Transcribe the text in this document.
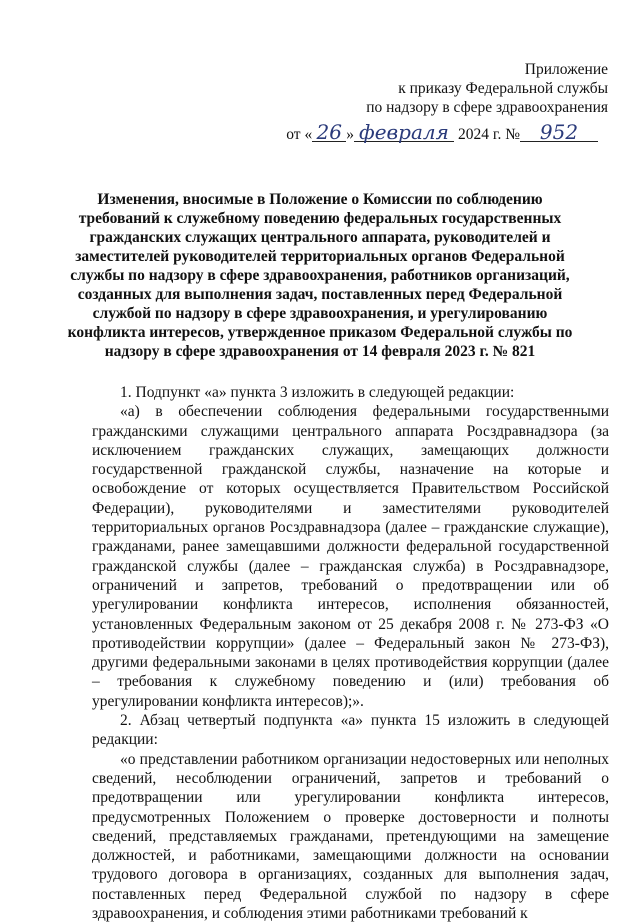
Приложение
к приказу Федеральной службы
по надзору в сфере здравоохранения
от « 26 » февраля 2024 г. № 952
Изменения, вносимые в Положение о Комиссии по соблюдению требований к служебному поведению федеральных государственных гражданских служащих центрального аппарата, руководителей и заместителей руководителей территориальных органов Федеральной службы по надзору в сфере здравоохранения, работников организаций, созданных для выполнения задач, поставленных перед Федеральной службой по надзору в сфере здравоохранения, и урегулированию конфликта интересов, утвержденное приказом Федеральной службы по надзору в сфере здравоохранения от 14 февраля 2023 г. № 821

1. Подпункт «а» пункта 3 изложить в следующей редакции:

«а) в обеспечении соблюдения федеральными государственными гражданскими служащими центрального аппарата Росздравнадзора (за исключением гражданских служащих, замещающих должности государственной гражданской службы, назначение на которые и освобождение от которых осуществляется Правительством Российской Федерации), руководителями и заместителями руководителей территориальных органов Росздравнадзора (далее – гражданские служащие), гражданами, ранее замещавшими должности федеральной государственной гражданской службы (далее – гражданская служба) в Росздравнадзоре, ограничений и запретов, требований о предотвращении или об урегулировании конфликта интересов, исполнения обязанностей, установленных Федеральным законом от 25 декабря 2008 г. № 273-ФЗ «О противодействии коррупции» (далее – Федеральный закон № 273-ФЗ), другими федеральными законами в целях противодействия коррупции (далее – требования к служебному поведению и (или) требования об урегулировании конфликта интересов);».

2. Абзац четвертый подпункта «а» пункта 15 изложить в следующей редакции:

«о представлении работником организации недостоверных или неполных сведений, несоблюдении ограничений, запретов и требований о предотвращении или урегулировании конфликта интересов, предусмотренных Положением о проверке достоверности и полноты сведений, представляемых гражданами, претендующими на замещение должностей, и работниками, замещающими должности на основании трудового договора в организациях, созданных для выполнения задач, поставленных перед Федеральной службой по надзору в сфере здравоохранения, и соблюдения этими работниками требований к
